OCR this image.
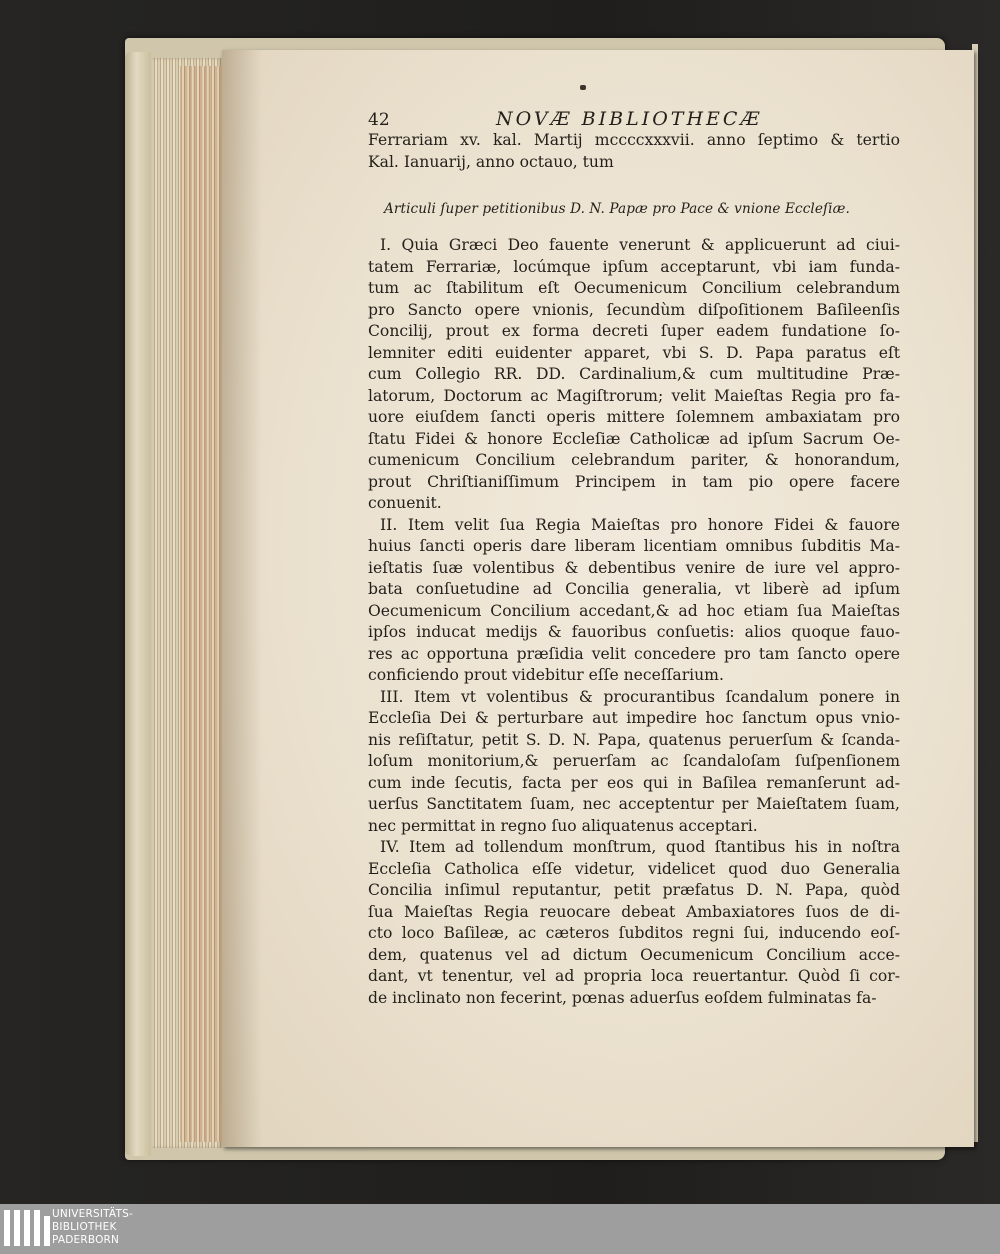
42	NOVÆ BIBLIOTHECÆ

Ferrariam xv. kal. Martij mccccxxxvii. anno ſeptimo & tertio
Kal. Ianuarij, anno octauo, tum

Articuli ſuper petitionibus D. N. Papæ pro Pace & vnione Eccleſiæ.

I. Quia Græci Deo fauente venerunt & applicuerunt ad ciui-
tatem Ferrariæ, locúmque ipſum acceptarunt, vbi iam funda-
tum ac ſtabilitum eſt Oecumenicum Concilium celebrandum
pro Sancto opere vnionis, ſecundùm diſpoſitionem Baſileenſis
Concilij, prout ex forma decreti ſuper eadem fundatione ſo-
lemniter editi euidenter apparet, vbi S. D. Papa paratus eſt
cum Collegio RR. DD. Cardinalium,& cum multitudine Præ-
latorum, Doctorum ac Magiſtrorum; velit Maieſtas Regia pro fa-
uore eiuſdem ſancti operis mittere ſolemnem ambaxiatam pro
ſtatu Fidei & honore Eccleſiæ Catholicæ ad ipſum Sacrum Oe-
cumenicum Concilium celebrandum pariter, & honorandum,
prout Chriſtianiſſimum Principem in tam pio opere facere
conuenit.

II. Item velit ſua Regia Maieſtas pro honore Fidei & fauore
huius ſancti operis dare liberam licentiam omnibus ſubditis Ma-
ieſtatis ſuæ volentibus & debentibus venire de iure vel appro-
bata conſuetudine ad Concilia generalia, vt liberè ad ipſum
Oecumenicum Concilium accedant,& ad hoc etiam ſua Maieſtas
ipſos inducat medijs & fauoribus conſuetis: alios quoque fauo-
res ac opportuna præſidia velit concedere pro tam ſancto opere
conficiendo prout videbitur eſſe neceſſarium.

III. Item vt volentibus & procurantibus ſcandalum ponere in
Eccleſia Dei & perturbare aut impedire hoc ſanctum opus vnio-
nis reſiſtatur, petit S. D. N. Papa, quatenus peruerſum & ſcanda-
loſum monitorium,& peruerſam ac ſcandaloſam ſuſpenſionem
cum inde ſecutis, facta per eos qui in Baſilea remanſerunt ad-
uerſus Sanctitatem ſuam, nec acceptentur per Maieſtatem ſuam,
nec permittat in regno ſuo aliquatenus acceptari.

IV. Item ad tollendum monſtrum, quod ſtantibus his in noſtra
Eccleſia Catholica eſſe videtur, videlicet quod duo Generalia
Concilia inſimul reputantur, petit præfatus D. N. Papa, quòd
ſua Maieſtas Regia reuocare debeat Ambaxiatores ſuos de di-
cto loco Baſileæ, ac cæteros ſubditos regni ſui, inducendo eoſ-
dem, quatenus vel ad dictum Oecumenicum Concilium acce-
dant, vt tenentur, vel ad propria loca reuertantur. Quòd ſi cor-
de inclinato non fecerint, pœnas aduerſus eoſdem fulminatas fa-

UNIVERSITÄTS-
BIBLIOTHEK
PADERBORN
